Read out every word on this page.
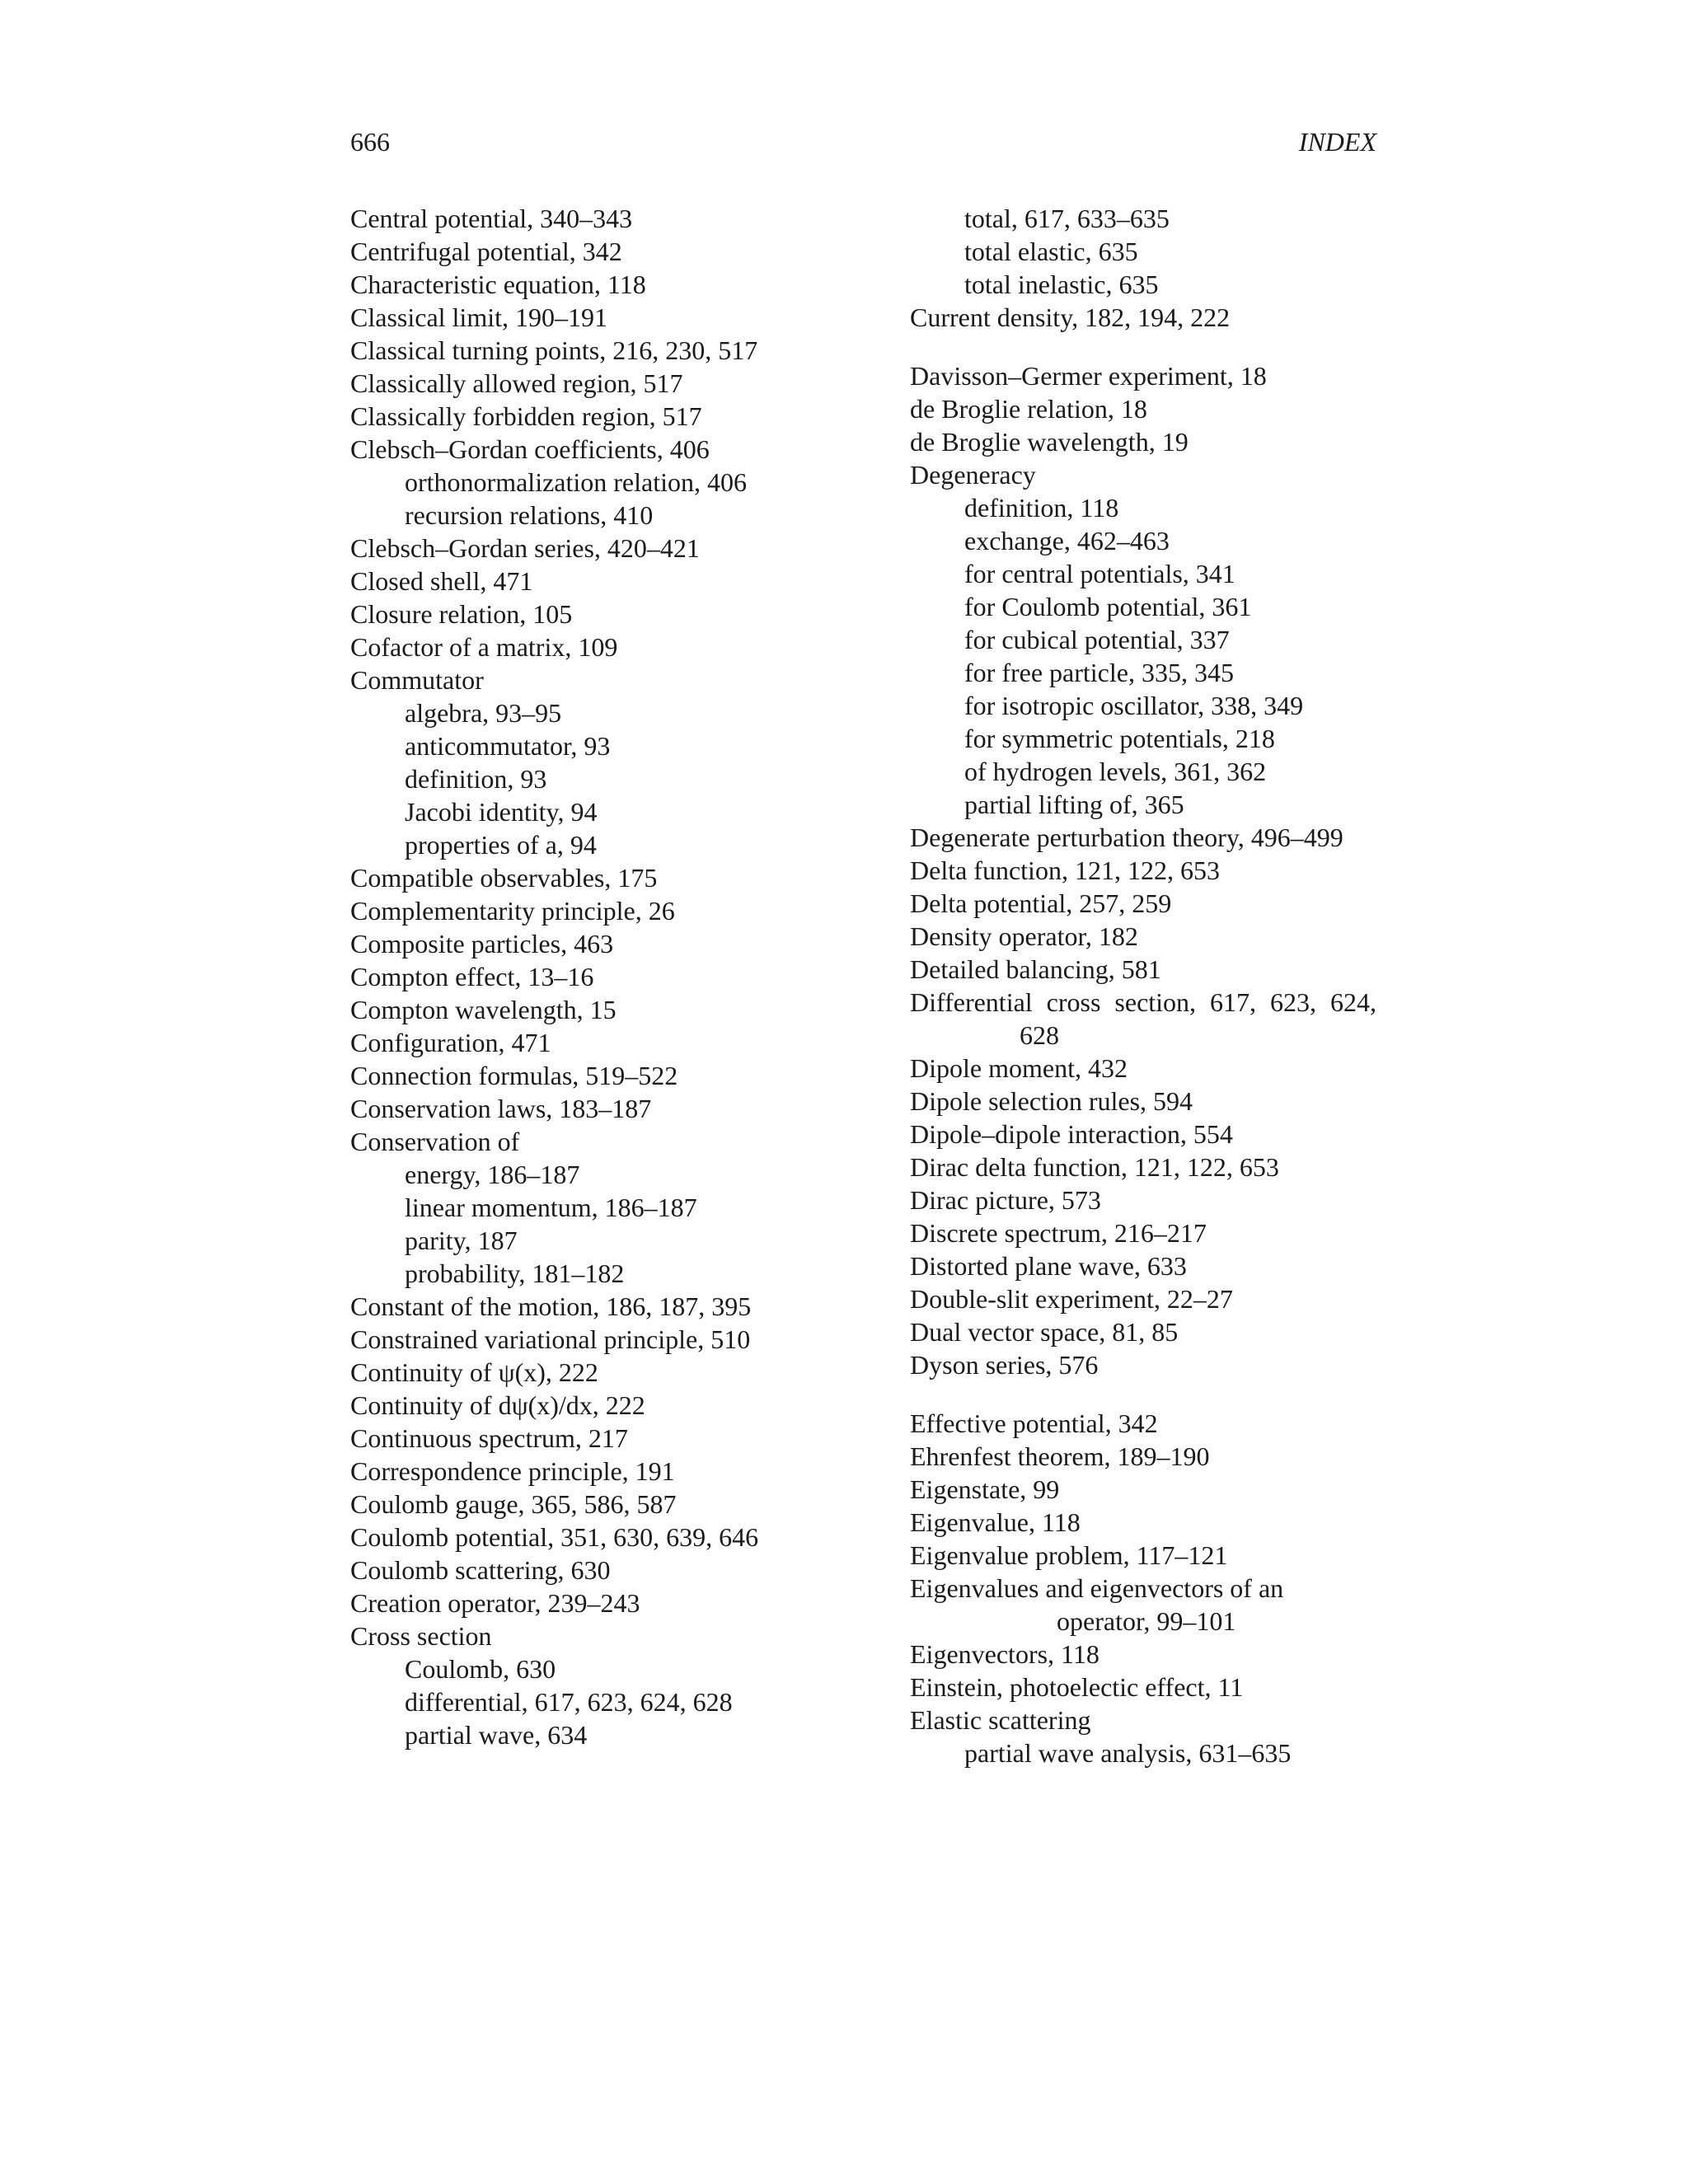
666	INDEX
Central potential, 340–343
Centrifugal potential, 342
Characteristic equation, 118
Classical limit, 190–191
Classical turning points, 216, 230, 517
Classically allowed region, 517
Classically forbidden region, 517
Clebsch–Gordan coefficients, 406
orthonormalization relation, 406
recursion relations, 410
Clebsch–Gordan series, 420–421
Closed shell, 471
Closure relation, 105
Cofactor of a matrix, 109
Commutator
algebra, 93–95
anticommutator, 93
definition, 93
Jacobi identity, 94
properties of a, 94
Compatible observables, 175
Complementarity principle, 26
Composite particles, 463
Compton effect, 13–16
Compton wavelength, 15
Configuration, 471
Connection formulas, 519–522
Conservation laws, 183–187
Conservation of
energy, 186–187
linear momentum, 186–187
parity, 187
probability, 181–182
Constant of the motion, 186, 187, 395
Constrained variational principle, 510
Continuity of ψ(x), 222
Continuity of dψ(x)/dx, 222
Continuous spectrum, 217
Correspondence principle, 191
Coulomb gauge, 365, 586, 587
Coulomb potential, 351, 630, 639, 646
Coulomb scattering, 630
Creation operator, 239–243
Cross section
Coulomb, 630
differential, 617, 623, 624, 628
partial wave, 634
total, 617, 633–635
total elastic, 635
total inelastic, 635
Current density, 182, 194, 222
Davisson–Germer experiment, 18
de Broglie relation, 18
de Broglie wavelength, 19
Degeneracy
definition, 118
exchange, 462–463
for central potentials, 341
for Coulomb potential, 361
for cubical potential, 337
for free particle, 335, 345
for isotropic oscillator, 338, 349
for symmetric potentials, 218
of hydrogen levels, 361, 362
partial lifting of, 365
Degenerate perturbation theory, 496–499
Delta function, 121, 122, 653
Delta potential, 257, 259
Density operator, 182
Detailed balancing, 581
Differential cross section, 617, 623, 624,
628
Dipole moment, 432
Dipole selection rules, 594
Dipole–dipole interaction, 554
Dirac delta function, 121, 122, 653
Dirac picture, 573
Discrete spectrum, 216–217
Distorted plane wave, 633
Double-slit experiment, 22–27
Dual vector space, 81, 85
Dyson series, 576
Effective potential, 342
Ehrenfest theorem, 189–190
Eigenstate, 99
Eigenvalue, 118
Eigenvalue problem, 117–121
Eigenvalues and eigenvectors of an
operator, 99–101
Eigenvectors, 118
Einstein, photoelectic effect, 11
Elastic scattering
partial wave analysis, 631–635
